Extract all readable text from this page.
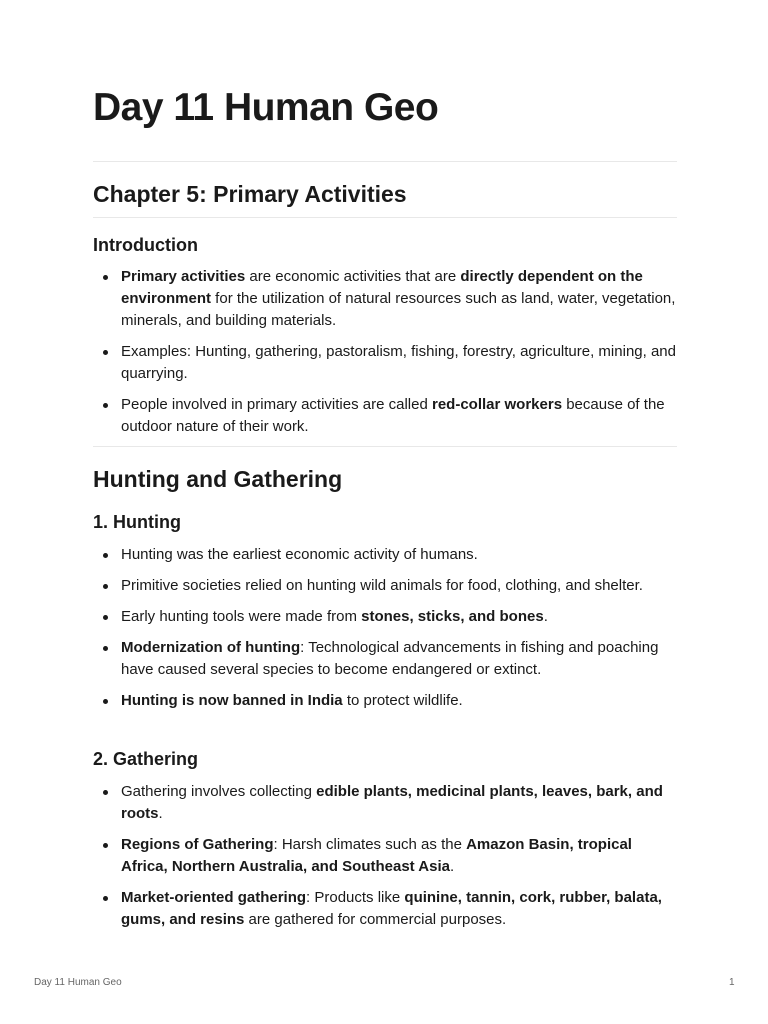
Day 11 Human Geo
Chapter 5: Primary Activities
Introduction
Primary activities are economic activities that are directly dependent on the environment for the utilization of natural resources such as land, water, vegetation, minerals, and building materials.
Examples: Hunting, gathering, pastoralism, fishing, forestry, agriculture, mining, and quarrying.
People involved in primary activities are called red-collar workers because of the outdoor nature of their work.
Hunting and Gathering
1. Hunting
Hunting was the earliest economic activity of humans.
Primitive societies relied on hunting wild animals for food, clothing, and shelter.
Early hunting tools were made from stones, sticks, and bones.
Modernization of hunting: Technological advancements in fishing and poaching have caused several species to become endangered or extinct.
Hunting is now banned in India to protect wildlife.
2. Gathering
Gathering involves collecting edible plants, medicinal plants, leaves, bark, and roots.
Regions of Gathering: Harsh climates such as the Amazon Basin, tropical Africa, Northern Australia, and Southeast Asia.
Market-oriented gathering: Products like quinine, tannin, cork, rubber, balata, gums, and resins are gathered for commercial purposes.
Day 11 Human Geo	1
